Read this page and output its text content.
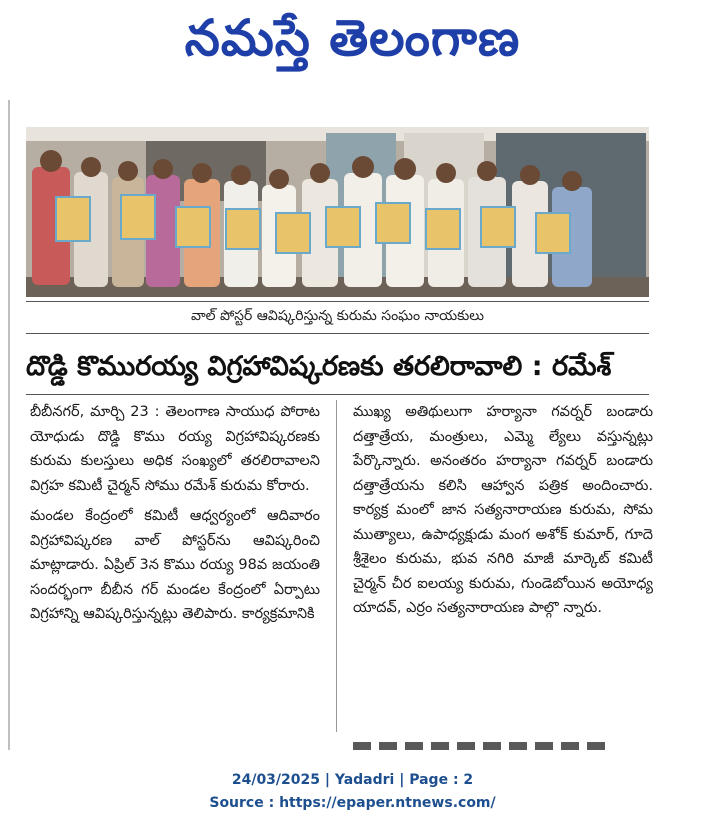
నమస్తే తెలంగాణ
వాల్ పోస్టర్ ఆవిష్కరిస్తున్న కురుమ సంఘం నాయకులు
దొడ్డి కొమురయ్య విగ్రహావిష్కరణకు తరలిరావాలి : రమేశ్

బీబీనగర్, మార్చి 23 : తెలంగాణ సాయుధ పోరాట యోధుడు దొడ్డి కొము రయ్య విగ్రహావిష్కరణకు కురుమ కులస్తులు అధిక సంఖ్యలో తరలిరావాలని విగ్రహ కమిటీ చైర్మన్ సోము రమేశ్ కురుమ కోరారు.

మండల కేంద్రంలో కమిటీ ఆధ్వర్యంలో ఆదివారం విగ్రహావిష్కరణ వాల్ పోస్టర్‌ను ఆవిష్కరించి మాట్లాడారు. ఏప్రిల్ 3న కొము రయ్య 98వ జయంతి సందర్భంగా బీబీన గర్ మండల కేంద్రంలో ఏర్పాటు విగ్రహాన్ని ఆవిష్కరిస్తున్నట్లు తెలిపారు. కార్యక్రమానికి

ముఖ్య అతిథులుగా హర్యానా గవర్నర్ బండారు దత్తాత్రేయ, మంత్రులు, ఎమ్మె ల్యేలు వస్తున్నట్లు పేర్కొన్నారు. అనంతరం హర్యానా గవర్నర్ బండారు దత్తాత్రేయను కలిసి ఆహ్వాన పత్రిక అందించారు. కార్యక్ర మంలో జాన సత్యనారాయణ కురుమ, సోమ ముత్యాలు, ఉపాధ్యక్షుడు మంగ అశోక్ కుమార్, గూదె శ్రీశైలం కురుమ, భువ నగిరి మాజీ మార్కెట్ కమిటీ చైర్మన్ చీర ఐలయ్య కురుమ, గుండెబోయిన అయోధ్య యాదవ్, ఎర్రం సత్యనారాయణ పాల్గొ న్నారు.

24/03/2025 | Yadadri | Page : 2
Source : https://epaper.ntnews.com/
